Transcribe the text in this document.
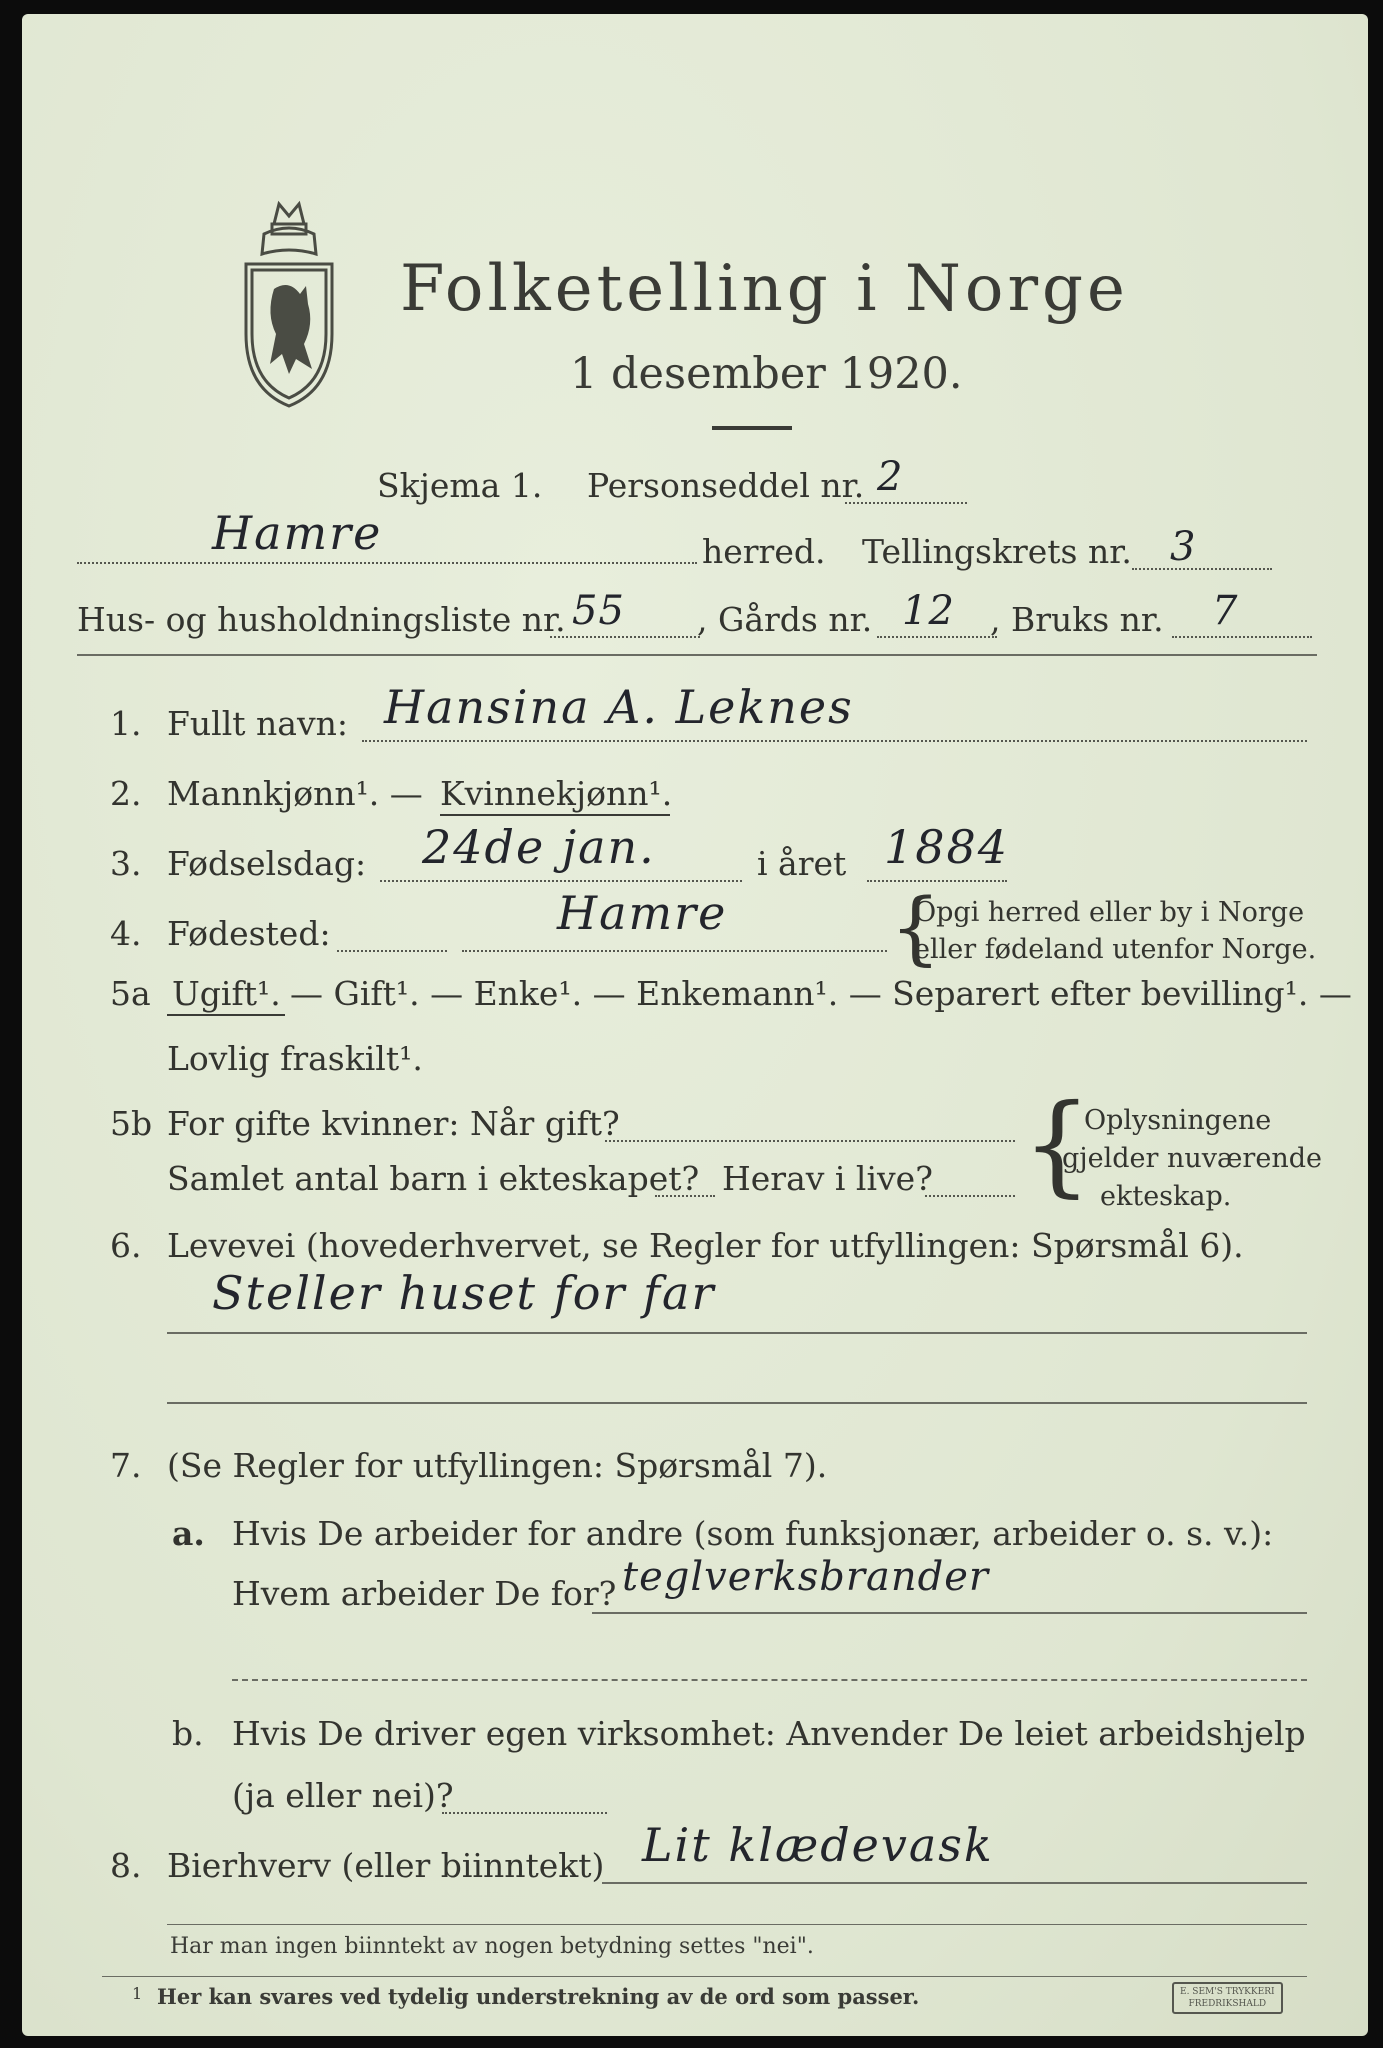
Folketelling i Norge
1 desember 1920.
Skjema 1. Personseddel nr. 2
Hamre	herred. Tellingskrets nr. 3
Hus- og husholdningsliste nr. 55 , Gårds nr. 12 , Bruks nr. 7
1. Fullt navn: Hansina A. Leknes
2. Mannkjønn¹. — Kvinnekjønn¹.
3. Fødselsdag: 24de jan.	i året 1884
4. Fødested:	Hamre {
Opgi herred eller by i Norge
eller fødeland utenfor Norge.
5a Ugift¹. — Gift¹. — Enke¹. — Enkemann¹. — Separert efter bevilling¹. —
Lovlig fraskilt¹.
5b For gifte kvinner: Når gift?
Samlet antal barn i ekteskapet? Herav i live? {
Oplysningene
gjelder nuværende
ekteskap.
6. Levevei (hovederhvervet, se Regler for utfyllingen: Spørsmål 6).
Steller huset for far
7. (Se Regler for utfyllingen: Spørsmål 7).
a. Hvis De arbeider for andre (som funksjonær, arbeider o. s. v.):
Hvem arbeider De for? teglverksbrander
b. Hvis De driver egen virksomhet: Anvender De leiet arbeidshjelp
(ja eller nei)?
8. Bierhverv (eller biinntekt) Lit klædevask
Har man ingen biinntekt av nogen betydning settes "nei".
1 Her kan svares ved tydelig understrekning av de ord som passer.	E. SEM'S TRYKKERI
FREDRIKSHALD
